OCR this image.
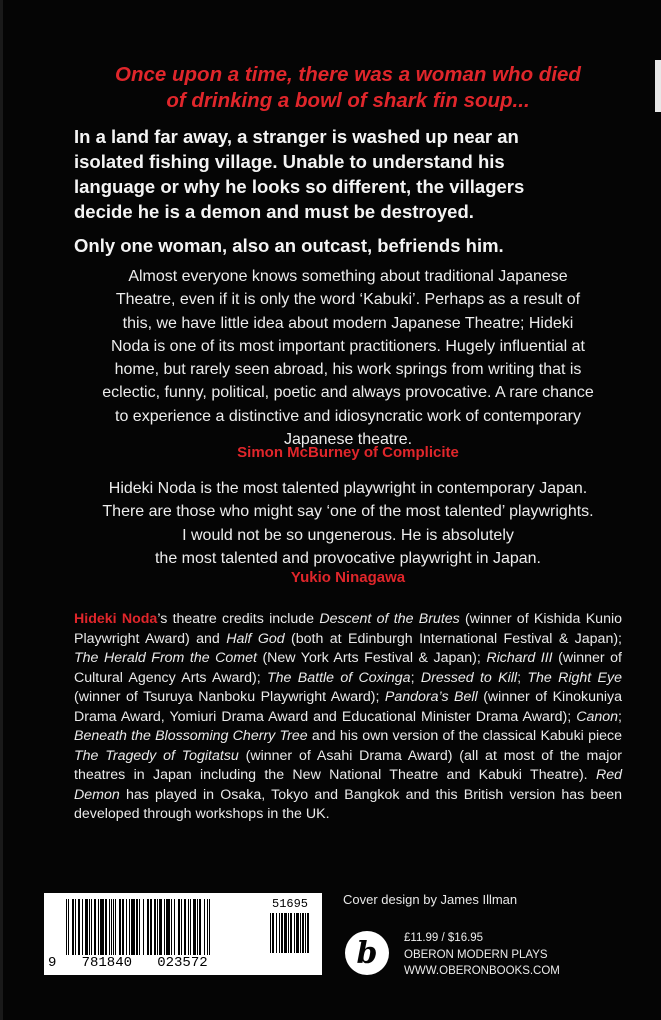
Once upon a time, there was a woman who died
of drinking a bowl of shark fin soup...
In a land far away, a stranger is washed up near an isolated fishing village. Unable to understand his language or why he looks so different, the villagers decide he is a demon and must be destroyed.
Only one woman, also an outcast, befriends him.
Almost everyone knows something about traditional Japanese
Theatre, even if it is only the word ‘Kabuki’. Perhaps as a result of
this, we have little idea about modern Japanese Theatre; Hideki
Noda is one of its most important practitioners. Hugely influential at
home, but rarely seen abroad, his work springs from writing that is
eclectic, funny, political, poetic and always provocative. A rare chance
to experience a distinctive and idiosyncratic work of contemporary
Japanese theatre.
Simon McBurney of Complicite
Hideki Noda is the most talented playwright in contemporary Japan.
There are those who might say ‘one of the most talented’ playwrights.
I would not be so ungenerous. He is absolutely
the most talented and provocative playwright in Japan.
Yukio Ninagawa
Hideki Noda’s theatre credits include Descent of the Brutes (winner of Kishida Kunio Playwright Award) and Half God (both at Edinburgh International Festival & Japan); The Herald From the Comet (New York Arts Festival & Japan); Richard III (winner of Cultural Agency Arts Award); The Battle of Coxinga; Dressed to Kill; The Right Eye (winner of Tsuruya Nanboku Playwright Award); Pandora’s Bell (winner of Kinokuniya Drama Award, Yomiuri Drama Award and Educational Minister Drama Award); Canon; Beneath the Blossoming Cherry Tree and his own version of the classical Kabuki piece The Tragedy of Togitatsu (winner of Asahi Drama Award) (all at most of the major theatres in Japan including the New National Theatre and Kabuki Theatre). Red Demon has played in Osaka, Tokyo and Bangkok and this British version has been developed through workshops in the UK.
51695
9   781840   023572
Cover design by James Illman
b £11.99 / $16.95
OBERON MODERN PLAYS
WWW.OBERONBOOKS.COM
